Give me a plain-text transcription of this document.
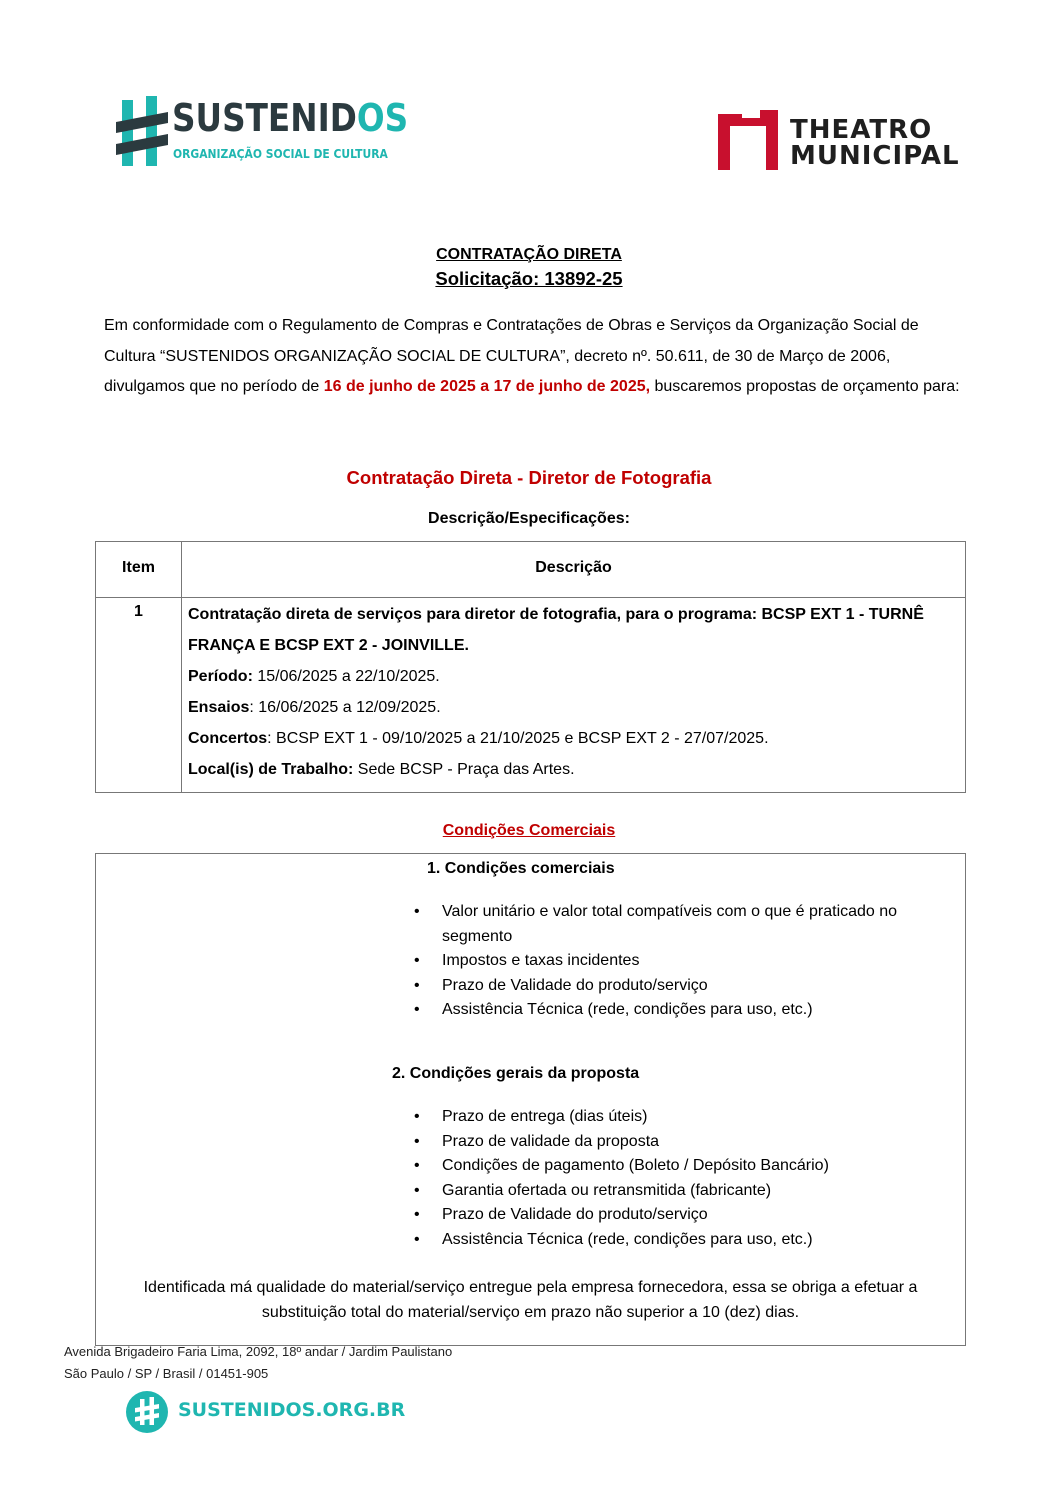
SUSTENIDOS
ORGANIZAÇÃO SOCIAL DE CULTURA
THEATRO
MUNICIPAL
CONTRATAÇÃO DIRETA
Solicitação: 13892-25
Em conformidade com o Regulamento de Compras e Contratações de Obras e Serviços da Organização Social de Cultura “SUSTENIDOS ORGANIZAÇÃO SOCIAL DE CULTURA”, decreto nº. 50.611, de 30 de Março de 2006, divulgamos que no período de 16 de junho de 2025 a 17 de junho de 2025, buscaremos propostas de orçamento para:
Contratação Direta - Diretor de Fotografia
Descrição/Especificações:
Item	Descrição
1	Contratação direta de serviços para diretor de fotografia, para o programa: BCSP EXT 1 - TURNÊ FRANÇA E BCSP EXT 2 - JOINVILLE.
Período: 15/06/2025 a 22/10/2025.
Ensaios: 16/06/2025 a 12/09/2025.
Concertos: BCSP EXT 1 - 09/10/2025 a 21/10/2025 e BCSP EXT 2 - 27/07/2025.
Local(is) de Trabalho: Sede BCSP - Praça das Artes.
Condições Comerciais
1. Condições comerciais
• Valor unitário e valor total compatíveis com o que é praticado no segmento
• Impostos e taxas incidentes
• Prazo de Validade do produto/serviço
• Assistência Técnica (rede, condições para uso, etc.)
2. Condições gerais da proposta
• Prazo de entrega (dias úteis)
• Prazo de validade da proposta
• Condições de pagamento (Boleto / Depósito Bancário)
• Garantia ofertada ou retransmitida (fabricante)
• Prazo de Validade do produto/serviço
• Assistência Técnica (rede, condições para uso, etc.)
Identificada má qualidade do material/serviço entregue pela empresa fornecedora, essa se obriga a efetuar a substituição total do material/serviço em prazo não superior a 10 (dez) dias.
Avenida Brigadeiro Faria Lima, 2092, 18º andar / Jardim Paulistano
São Paulo / SP / Brasil / 01451-905
SUSTENIDOS.ORG.BR
